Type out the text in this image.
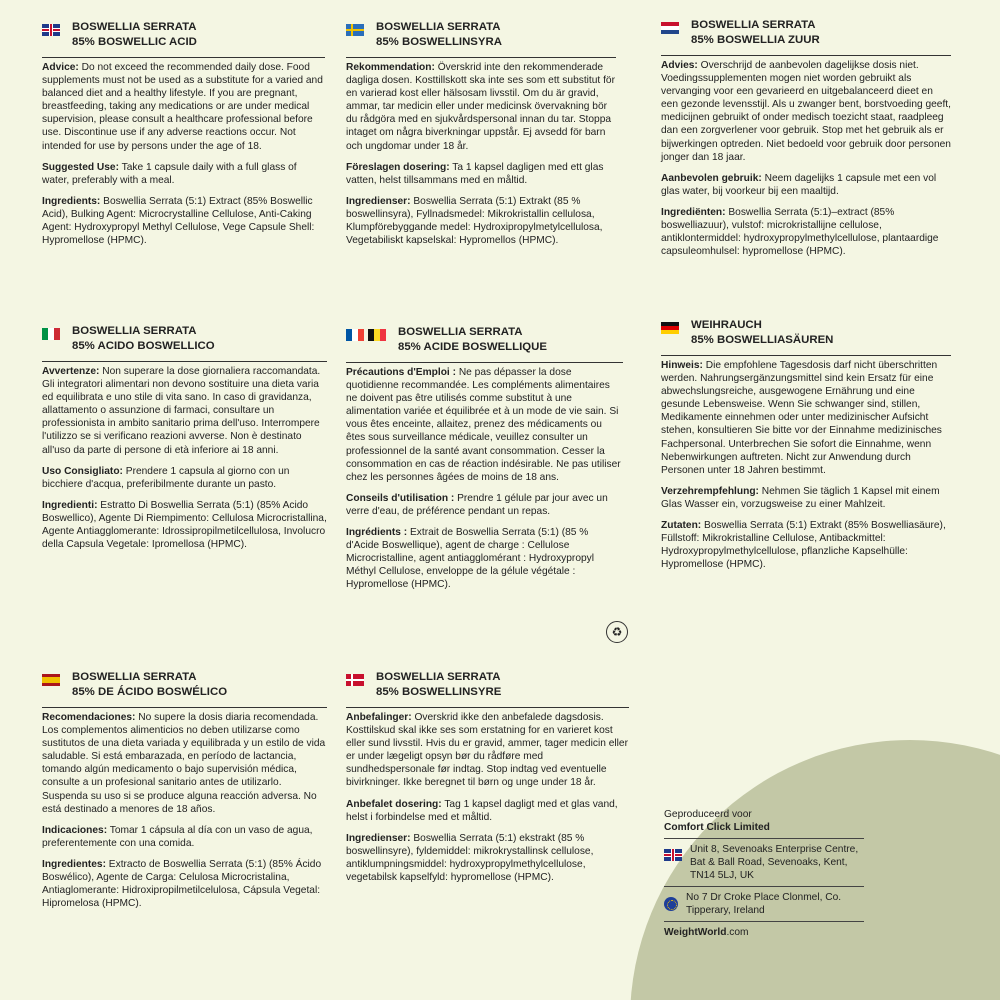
BOSWELLIA SERRATA
85% BOSWELLIC ACID

Advice: Do not exceed the recommended daily dose. Food supplements must not be used as a substitute for a varied and balanced diet and a healthy lifestyle. If you are pregnant, breastfeeding, taking any medications or are under medical supervision, please consult a healthcare professional before use. Discontinue use if any adverse reactions occur. Not intended for use by persons under the age of 18.

Suggested Use: Take 1 capsule daily with a full glass of water, preferably with a meal.

Ingredients: Boswellia Serrata (5:1) Extract (85% Boswellic Acid), Bulking Agent: Microcrystalline Cellulose, Anti-Caking Agent: Hydroxypropyl Methyl Cellulose, Vege Capsule Shell: Hypromellose (HPMC).

BOSWELLIA SERRATA
85% BOSWELLINSYRA

Rekommendation: Överskrid inte den rekommenderade dagliga dosen. Kosttillskott ska inte ses som ett substitut för en varierad kost eller hälsosam livsstil. Om du är gravid, ammar, tar medicin eller under medicinsk övervakning bör du rådgöra med en sjukvårdspersonal innan du tar. Stoppa intaget om några biverkningar uppstår. Ej avsedd för barn och ungdomar under 18 år.

Föreslagen dosering: Ta 1 kapsel dagligen med ett glas vatten, helst tillsammans med en måltid.

Ingredienser: Boswellia Serrata (5:1) Extrakt (85 % boswellinsyra), Fyllnadsmedel: Mikrokristallin cellulosa, Klumpförebyggande medel: Hydroxipropylmetylcellulosa, Vegetabiliskt kapselskal: Hypromellos (HPMC).

BOSWELLIA SERRATA
85% BOSWELLIA ZUUR

Advies: Overschrijd de aanbevolen dagelijkse dosis niet. Voedingssupplementen mogen niet worden gebruikt als vervanging voor een gevarieerd en uitgebalanceerd dieet en een gezonde levensstijl. Als u zwanger bent, borstvoeding geeft, medicijnen gebruikt of onder medisch toezicht staat, raadpleeg dan een zorgverlener voor gebruik. Stop met het gebruik als er bijwerkingen optreden. Niet bedoeld voor gebruik door personen jonger dan 18 jaar.

Aanbevolen gebruik: Neem dagelijks 1 capsule met een vol glas water, bij voorkeur bij een maaltijd.

Ingrediënten: Boswellia Serrata (5:1)–extract (85% boswelliazuur), vulstof: microkristallijne cellulose, antiklontermiddel: hydroxypropylmethylcellulose, plantaardige capsuleomhulsel: hypromellose (HPMC).

BOSWELLIA SERRATA
85% ACIDO BOSWELLICO

Avvertenze: Non superare la dose giornaliera raccomandata. Gli integratori alimentari non devono sostituire una dieta varia ed equilibrata e uno stile di vita sano. In caso di gravidanza, allattamento o assunzione di farmaci, consultare un professionista in ambito sanitario prima dell'uso. Interrompere l'utilizzo se si verificano reazioni avverse. Non è destinato all'uso da parte di persone di età inferiore ai 18 anni.

Uso Consigliato: Prendere 1 capsula al giorno con un bicchiere d'acqua, preferibilmente durante un pasto.

Ingredienti: Estratto Di Boswellia Serrata (5:1) (85% Acido Boswellico), Agente Di Riempimento: Cellulosa Microcristallina, Agente Antiagglomerante: Idrossipropilmetilcellulosa, Involucro della Capsula Vegetale: Ipromellosa (HPMC).

BOSWELLIA SERRATA
85% ACIDE BOSWELLIQUE

Précautions d'Emploi : Ne pas dépasser la dose quotidienne recommandée. Les compléments alimentaires ne doivent pas être utilisés comme substitut à une alimentation variée et équilibrée et à un mode de vie sain. Si vous êtes enceinte, allaitez, prenez des médicaments ou êtes sous surveillance médicale, veuillez consulter un professionnel de la santé avant consommation. Cesser la consommation en cas de réaction indésirable. Ne pas utiliser chez les personnes âgées de moins de 18 ans.

Conseils d'utilisation : Prendre 1 gélule par jour avec un verre d'eau, de préférence pendant un repas.

Ingrédients : Extrait de Boswellia Serrata (5:1) (85 % d'Acide Boswellique), agent de charge : Cellulose Microcristalline, agent antiagglomérant : Hydroxypropyl Méthyl Cellulose, enveloppe de la gélule végétale : Hypromellose (HPMC).

♻
WEIHRAUCH
85% BOSWELLIASÄUREN

Hinweis: Die empfohlene Tagesdosis darf nicht überschritten werden. Nahrungsergänzungsmittel sind kein Ersatz für eine abwechslungsreiche, ausgewogene Ernährung und eine gesunde Lebensweise. Wenn Sie schwanger sind, stillen, Medikamente einnehmen oder unter medizinischer Aufsicht stehen, konsultieren Sie bitte vor der Einnahme medizinisches Fachpersonal. Unterbrechen Sie sofort die Einnahme, wenn Nebenwirkungen auftreten. Nicht zur Anwendung durch Personen unter 18 Jahren bestimmt.

Verzehrempfehlung: Nehmen Sie täglich 1 Kapsel mit einem Glas Wasser ein, vorzugsweise zu einer Mahlzeit.

Zutaten: Boswellia Serrata (5:1) Extrakt (85% Boswelliasäure), Füllstoff: Mikrokristalline Cellulose, Antibackmittel: Hydroxypropylmethylcellulose, pflanzliche Kapselhülle: Hypromellose (HPMC).

BOSWELLIA SERRATA
85% DE ÁCIDO BOSWÉLICO

Recomendaciones: No supere la dosis diaria recomendada. Los complementos alimenticios no deben utilizarse como sustitutos de una dieta variada y equilibrada y un estilo de vida saludable. Si está embarazada, en período de lactancia, tomando algún medicamento o bajo supervisión médica, consulte a un profesional sanitario antes de utilizarlo. Suspenda su uso si se produce alguna reacción adversa. No está destinado a menores de 18 años.

Indicaciones: Tomar 1 cápsula al día con un vaso de agua, preferentemente con una comida.

Ingredientes: Extracto de Boswellia Serrata (5:1) (85% Ácido Boswélico), Agente de Carga: Celulosa Microcristalina, Antiaglomerante: Hidroxipropilmetilcelulosa, Cápsula Vegetal: Hipromelosa (HPMC).

BOSWELLIA SERRATA
85% BOSWELLINSYRE

Anbefalinger: Overskrid ikke den anbefalede dagsdosis. Kosttilskud skal ikke ses som erstatning for en varieret kost eller sund livsstil. Hvis du er gravid, ammer, tager medicin eller er under lægeligt opsyn bør du rådføre med sundhedspersonale før indtag. Stop indtag ved eventuelle bivirkninger. Ikke beregnet til børn og unge under 18 år.

Anbefalet dosering: Tag 1 kapsel dagligt med et glas vand, helst i forbindelse med et måltid.

Ingredienser: Boswellia Serrata (5:1) ekstrakt (85 % boswellinsyre), fyldemiddel: mikrokrystallinsk cellulose, antiklumpningsmiddel: hydroxypropylmethylcellulose, vegetabilsk kapselfyld: hypromellose (HPMC).

Geproduceerd voor
Comfort Click Limited
Unit 8, Sevenoaks Enterprise Centre, Bat & Ball Road, Sevenoaks, Kent, TN14 5LJ, UK
No 7 Dr Croke Place Clonmel, Co. Tipperary, Ireland
WeightWorld.com
